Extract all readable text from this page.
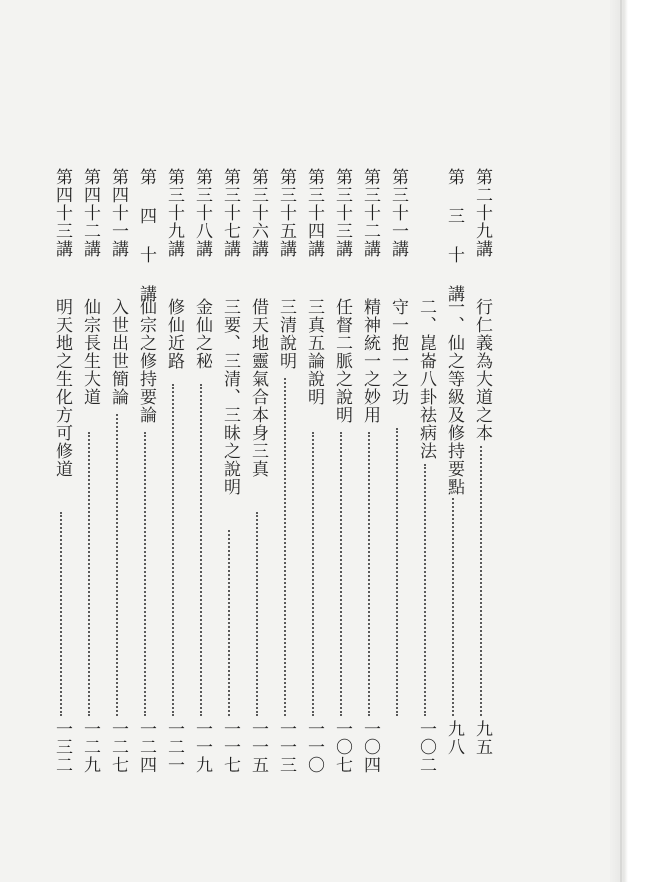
第二十九講
行仁義為大道之本
九五
第 三 十 講
一、仙之等級及修持要點
九八
二、崑崙八卦祛病法
一〇二
第三十一講
守一抱一之功
第三十二講
精神統一之妙用
一〇四
第三十三講
任督二脈之說明
一〇七
第三十四講
三真五論說明
一一〇
第三十五講
三清說明
一一三
第三十六講
借天地靈氣合本身三真
一一五
第三十七講
三要、三清、三昧之說明
一一七
第三十八講
金仙之秘
一一九
第三十九講
修仙近路
一二一
第 四 十 講
仙宗之修持要論
一二四
第四十一講
入世出世簡論
一二七
第四十二講
仙宗長生大道
一二九
第四十三講
明天地之生化方可修道
一三二
